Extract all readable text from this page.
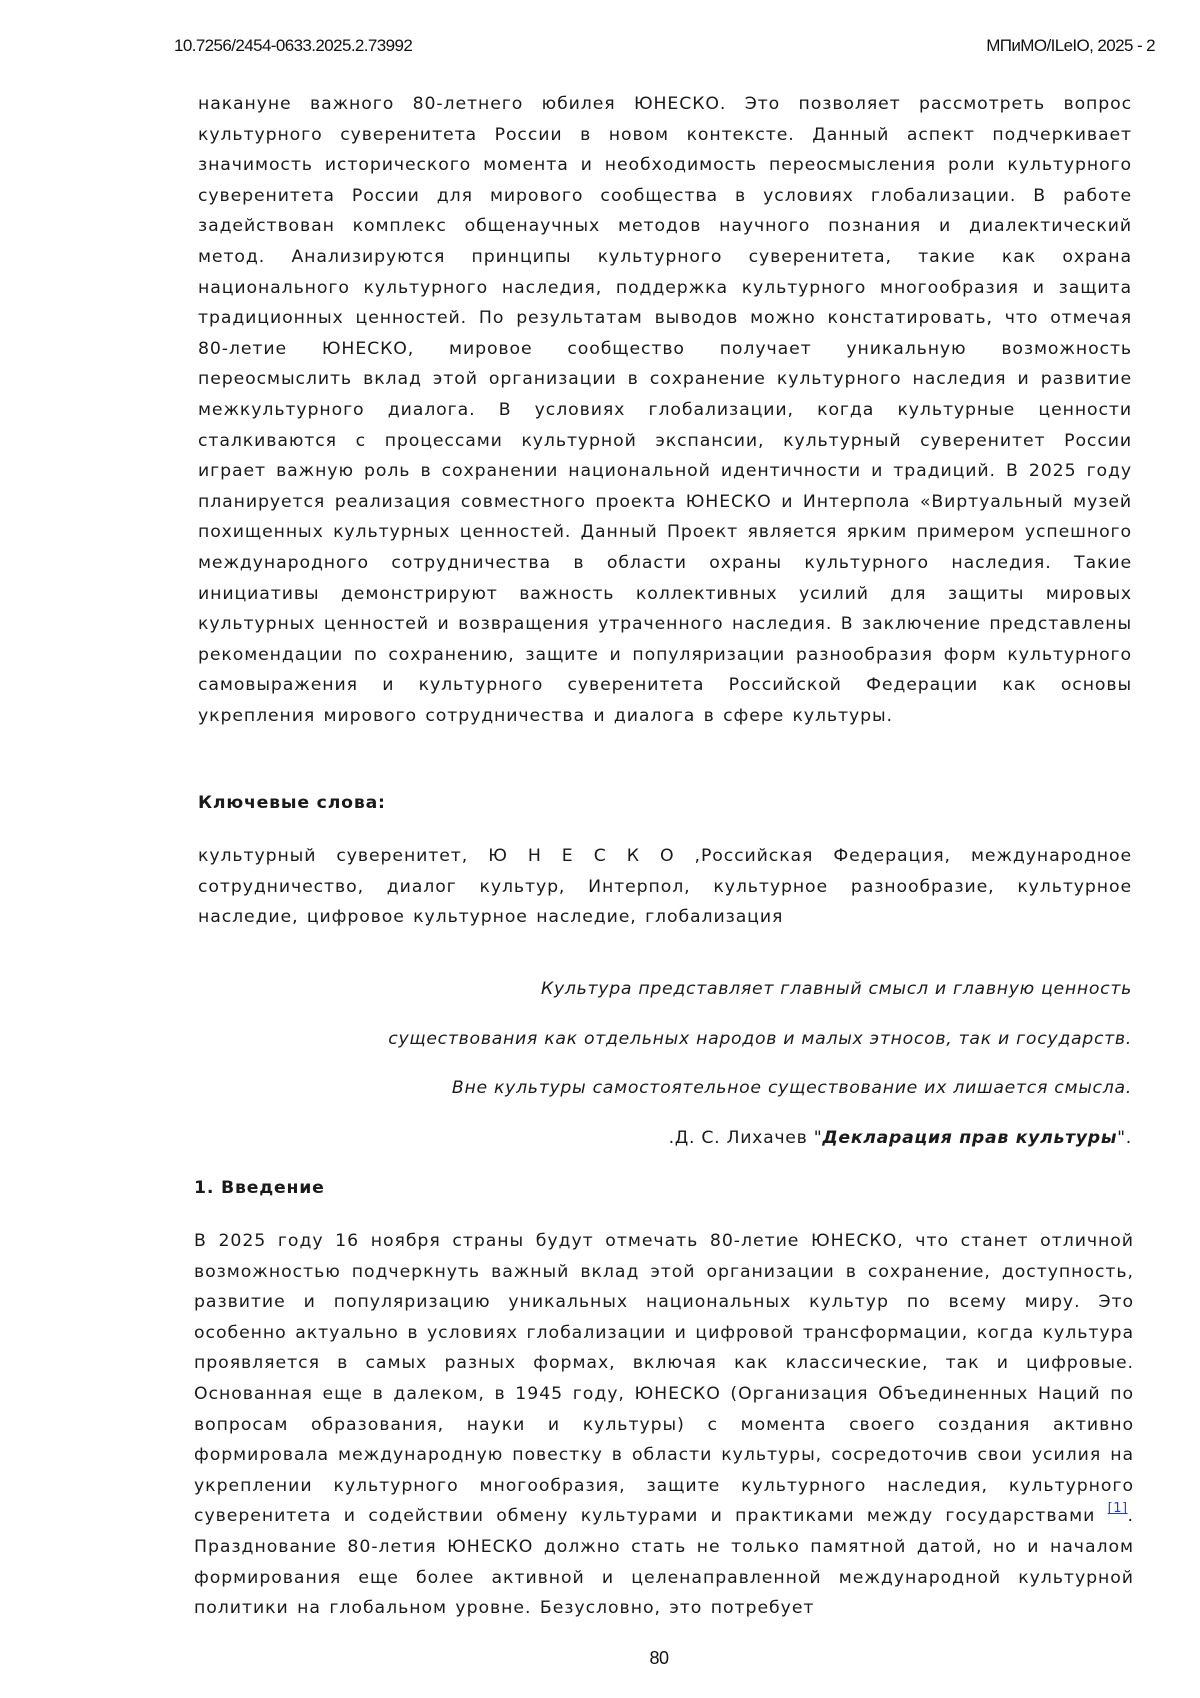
10.7256/2454-0633.2025.2.73992	МПиМО/ILeIO, 2025 - 2

накануне важного 80-летнего юбилея ЮНЕСКО. Это позволяет рассмотреть вопрос культурного суверенитета России в новом контексте. Данный аспект подчеркивает значимость исторического момента и необходимость переосмысления роли культурного суверенитета России для мирового сообщества в условиях глобализации. В работе задействован комплекс общенаучных методов научного познания и диалектический метод. Анализируются принципы культурного суверенитета, такие как охрана национального культурного наследия, поддержка культурного многообразия и защита традиционных ценностей. По результатам выводов можно констатировать, что отмечая 80-летие ЮНЕСКО, мировое сообщество получает уникальную возможность переосмыслить вклад этой организации в сохранение культурного наследия и развитие межкультурного диалога. В условиях глобализации, когда культурные ценности сталкиваются с процессами культурной экспансии, культурный суверенитет России играет важную роль в сохранении национальной идентичности и традиций. В 2025 году планируется реализация совместного проекта ЮНЕСКО и Интерпола «Виртуальный музей похищенных культурных ценностей. Данный Проект является ярким примером успешного международного сотрудничества в области охраны культурного наследия. Такие инициативы демонстрируют важность коллективных усилий для защиты мировых культурных ценностей и возвращения утраченного наследия. В заключение представлены рекомендации по сохранению, защите и популяризации разнообразия форм культурного самовыражения и культурного суверенитета Российской Федерации как основы укрепления мирового сотрудничества и диалога в сфере культуры.

Ключевые слова:

культурный суверенитет, Ю Н Е С К О ,Российская Федерация, международное сотрудничество, диалог культур, Интерпол, культурное разнообразие, культурное наследие, цифровое культурное наследие, глобализация

Культура представляет главный смысл и главную ценность
существования как отдельных народов и малых этносов, так и государств.
Вне культуры самостоятельное существование их лишается смысла.
.Д. С. Лихачев "Декларация прав культуры".

1. Введение

В 2025 году 16 ноября страны будут отмечать 80-летие ЮНЕСКО, что станет отличной возможностью подчеркнуть важный вклад этой организации в сохранение, доступность, развитие и популяризацию уникальных национальных культур по всему миру. Это особенно актуально в условиях глобализации и цифровой трансформации, когда культура проявляется в самых разных формах, включая как классические, так и цифровые. Основанная еще в далеком, в 1945 году, ЮНЕСКО (Организация Объединенных Наций по вопросам образования, науки и культуры) с момента своего создания активно формировала международную повестку в области культуры, сосредоточив свои усилия на укреплении культурного многообразия, защите культурного наследия, культурного суверенитета и содействии обмену культурами и практиками между государствами [1]. Празднование 80-летия ЮНЕСКО должно стать не только памятной датой, но и началом формирования еще более активной и целенаправленной международной культурной политики на глобальном уровне. Безусловно, это потребует

80
